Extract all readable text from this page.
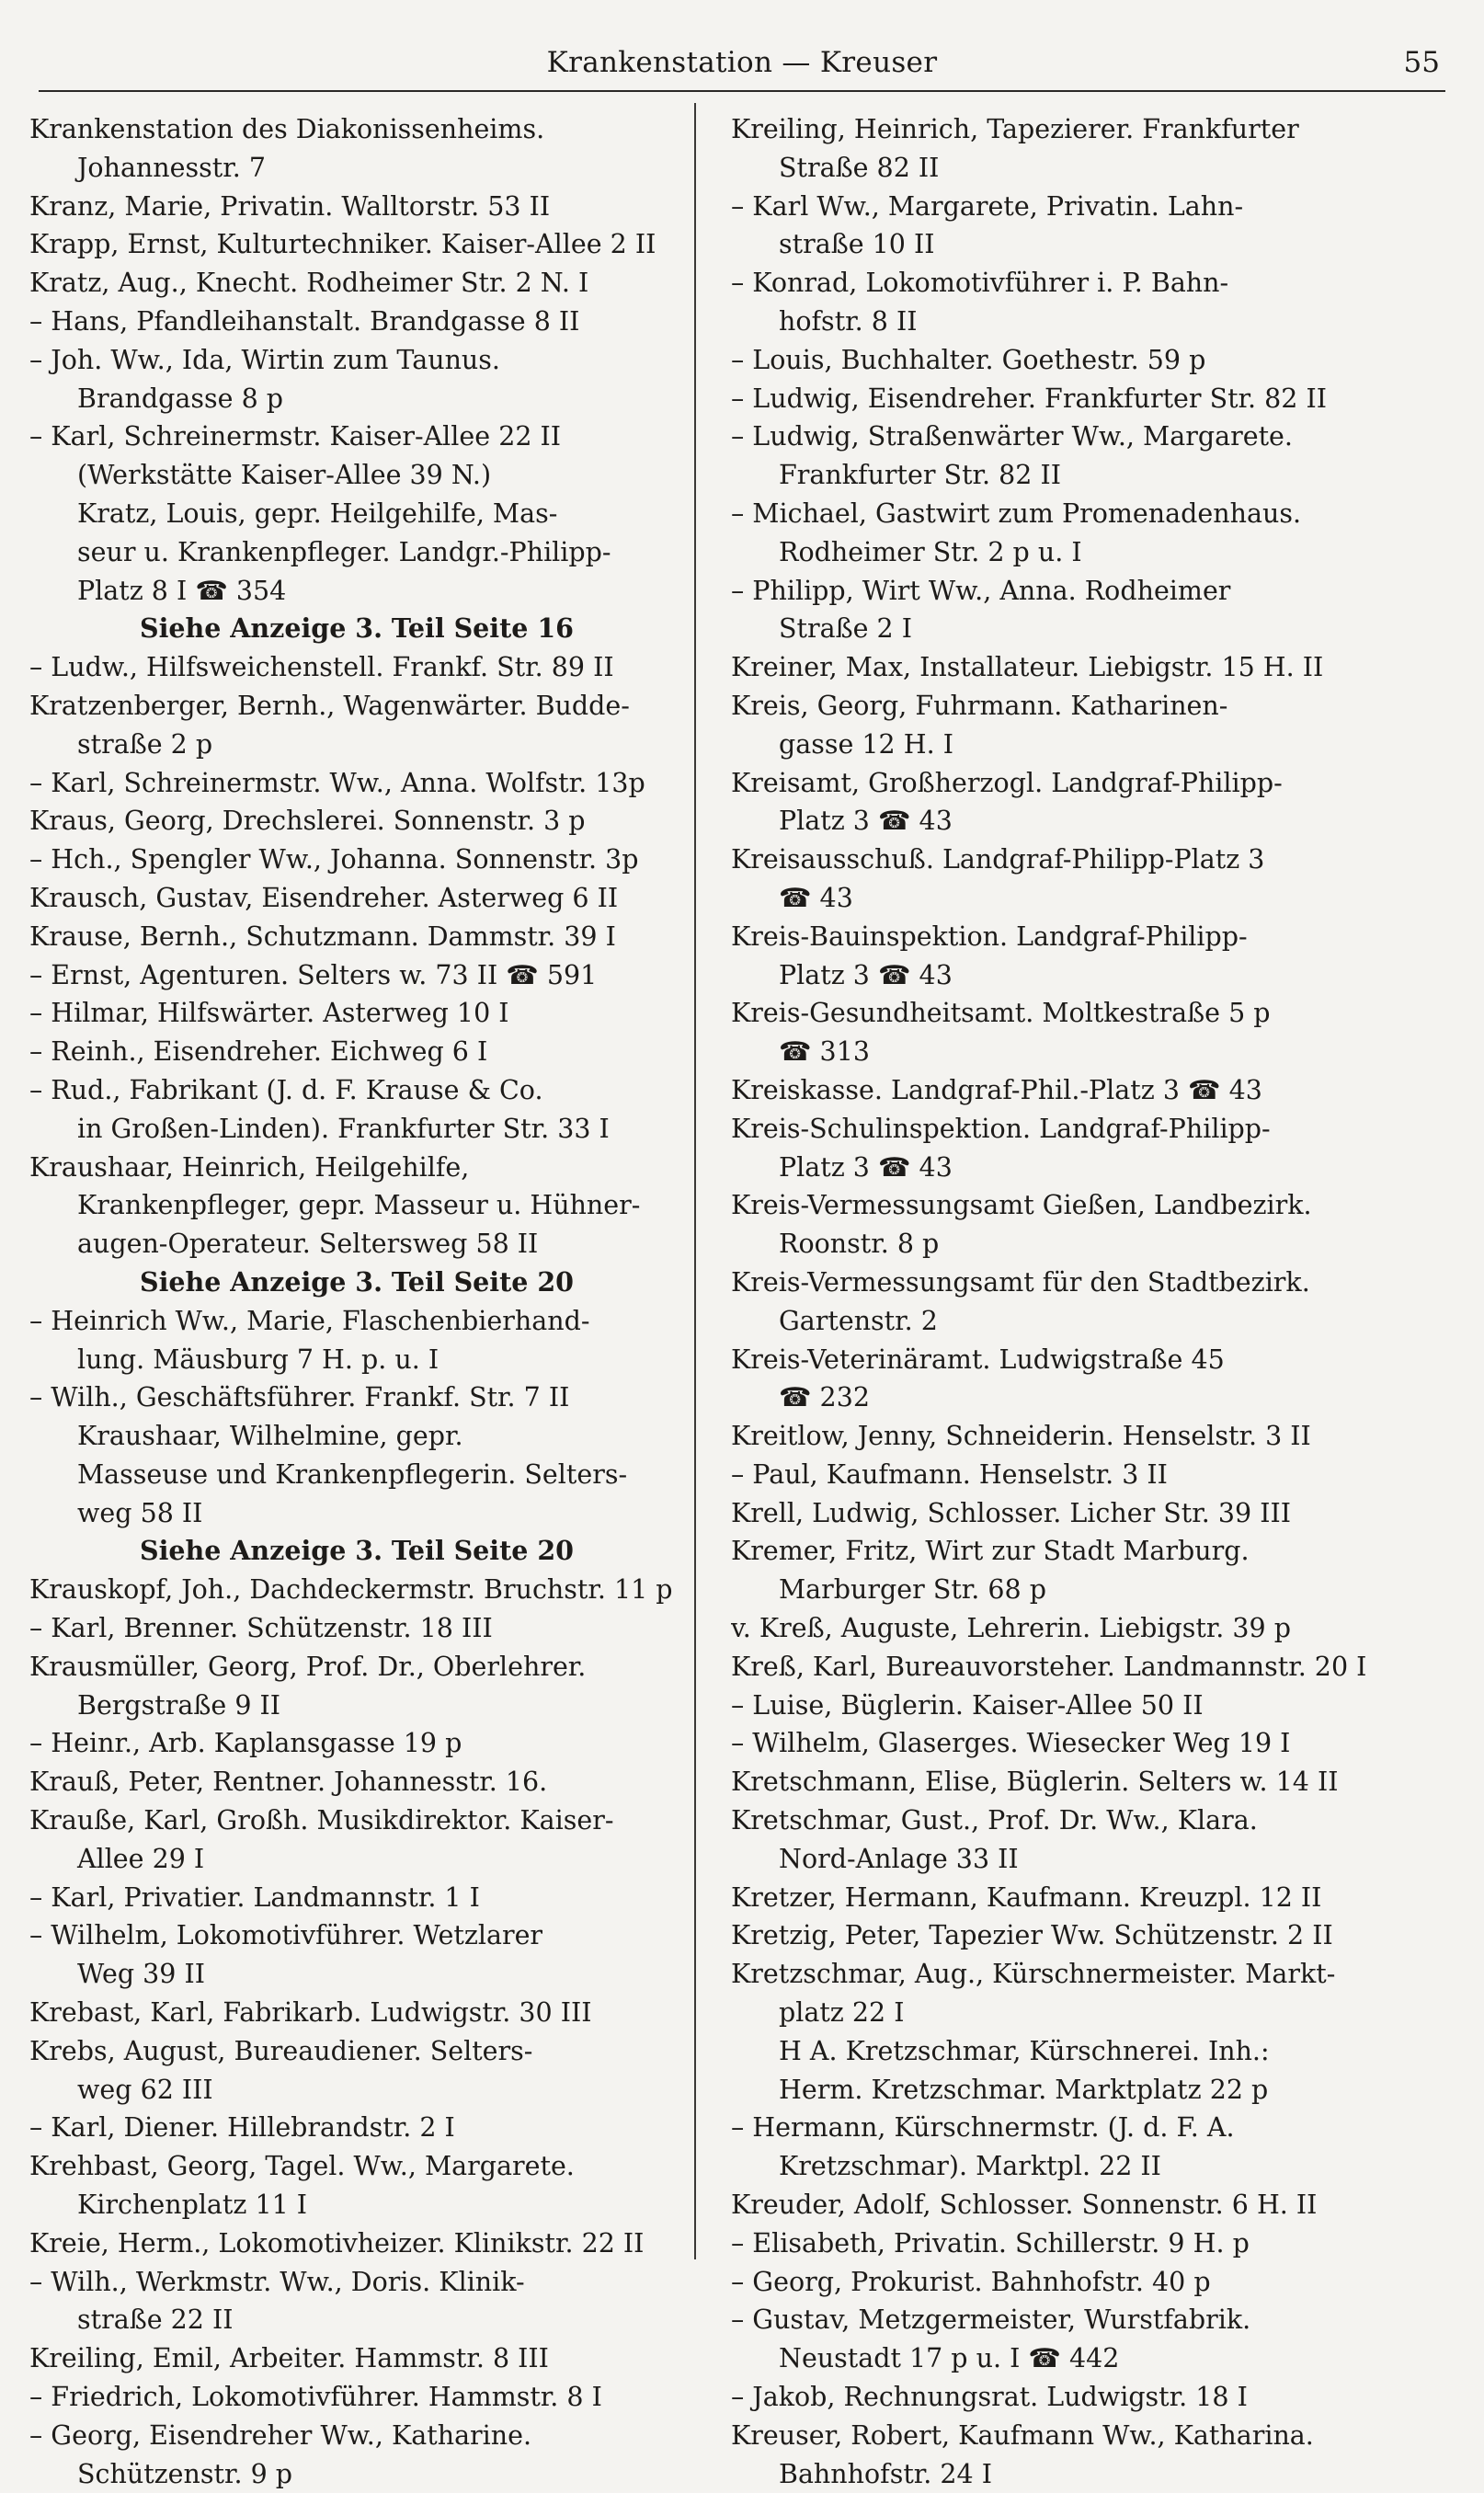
Krankenstation — Kreuser	55
Krankenstation des Diakonissenheims.
Johannesstr. 7
Kranz, Marie, Privatin. Walltorstr. 53 II
Krapp, Ernst, Kulturtechniker. Kaiser-Allee 2 II
Kratz, Aug., Knecht. Rodheimer Str. 2 N. I
– Hans, Pfandleihanstalt. Brandgasse 8 II
– Joh. Ww., Ida, Wirtin zum Taunus.
Brandgasse 8 p
– Karl, Schreinermstr. Kaiser-Allee 22 II
(Werkstätte Kaiser-Allee 39 N.)
Kratz, Louis, gepr. Heilgehilfe, Mas-
seur u. Krankenpfleger. Landgr.-Philipp-
Platz 8 I ☎ 354
Siehe Anzeige 3. Teil Seite 16
– Ludw., Hilfsweichenstell. Frankf. Str. 89 II
Kratzenberger, Bernh., Wagenwärter. Budde-
straße 2 p
– Karl, Schreinermstr. Ww., Anna. Wolfstr. 13p
Kraus, Georg, Drechslerei. Sonnenstr. 3 p
– Hch., Spengler Ww., Johanna. Sonnenstr. 3p
Krausch, Gustav, Eisendreher. Asterweg 6 II
Krause, Bernh., Schutzmann. Dammstr. 39 I
– Ernst, Agenturen. Selters w. 73 II ☎ 591
– Hilmar, Hilfswärter. Asterweg 10 I
– Reinh., Eisendreher. Eichweg 6 I
– Rud., Fabrikant (J. d. F. Krause & Co.
in Großen-Linden). Frankfurter Str. 33 I
Kraushaar, Heinrich, Heilgehilfe,
Krankenpfleger, gepr. Masseur u. Hühner-
augen-Operateur. Seltersweg 58 II
Siehe Anzeige 3. Teil Seite 20
– Heinrich Ww., Marie, Flaschenbierhand-
lung. Mäusburg 7 H. p. u. I
– Wilh., Geschäftsführer. Frankf. Str. 7 II
Kraushaar, Wilhelmine, gepr.
Masseuse und Krankenpflegerin. Selters-
weg 58 II
Siehe Anzeige 3. Teil Seite 20
Krauskopf, Joh., Dachdeckermstr. Bruchstr. 11 p
– Karl, Brenner. Schützenstr. 18 III
Krausmüller, Georg, Prof. Dr., Oberlehrer.
Bergstraße 9 II
– Heinr., Arb. Kaplansgasse 19 p
Krauß, Peter, Rentner. Johannesstr. 16.
Krauße, Karl, Großh. Musikdirektor. Kaiser-
Allee 29 I
– Karl, Privatier. Landmannstr. 1 I
– Wilhelm, Lokomotivführer. Wetzlarer
Weg 39 II
Krebast, Karl, Fabrikarb. Ludwigstr. 30 III
Krebs, August, Bureaudiener. Selters-
weg 62 III
– Karl, Diener. Hillebrandstr. 2 I
Krehbast, Georg, Tagel. Ww., Margarete.
Kirchenplatz 11 I
Kreie, Herm., Lokomotivheizer. Klinikstr. 22 II
– Wilh., Werkmstr. Ww., Doris. Klinik-
straße 22 II
Kreiling, Emil, Arbeiter. Hammstr. 8 III
– Friedrich, Lokomotivführer. Hammstr. 8 I
– Georg, Eisendreher Ww., Katharine.
Schützenstr. 9 p
Kreiling, Heinrich, Tapezierer. Frankfurter
Straße 82 II
– Karl Ww., Margarete, Privatin. Lahn-
straße 10 II
– Konrad, Lokomotivführer i. P. Bahn-
hofstr. 8 II
– Louis, Buchhalter. Goethestr. 59 p
– Ludwig, Eisendreher. Frankfurter Str. 82 II
– Ludwig, Straßenwärter Ww., Margarete.
Frankfurter Str. 82 II
– Michael, Gastwirt zum Promenadenhaus.
Rodheimer Str. 2 p u. I
– Philipp, Wirt Ww., Anna. Rodheimer
Straße 2 I
Kreiner, Max, Installateur. Liebigstr. 15 H. II
Kreis, Georg, Fuhrmann. Katharinen-
gasse 12 H. I
Kreisamt, Großherzogl. Landgraf-Philipp-
Platz 3 ☎ 43
Kreisausschuß. Landgraf-Philipp-Platz 3
☎ 43
Kreis-Bauinspektion. Landgraf-Philipp-
Platz 3 ☎ 43
Kreis-Gesundheitsamt. Moltkestraße 5 p
☎ 313
Kreiskasse. Landgraf-Phil.-Platz 3 ☎ 43
Kreis-Schulinspektion. Landgraf-Philipp-
Platz 3 ☎ 43
Kreis-Vermessungsamt Gießen, Landbezirk.
Roonstr. 8 p
Kreis-Vermessungsamt für den Stadtbezirk.
Gartenstr. 2
Kreis-Veterinäramt. Ludwigstraße 45
☎ 232
Kreitlow, Jenny, Schneiderin. Henselstr. 3 II
– Paul, Kaufmann. Henselstr. 3 II
Krell, Ludwig, Schlosser. Licher Str. 39 III
Kremer, Fritz, Wirt zur Stadt Marburg.
Marburger Str. 68 p
v. Kreß, Auguste, Lehrerin. Liebigstr. 39 p
Kreß, Karl, Bureauvorsteher. Landmannstr. 20 I
– Luise, Büglerin. Kaiser-Allee 50 II
– Wilhelm, Glaserges. Wiesecker Weg 19 I
Kretschmann, Elise, Büglerin. Selters w. 14 II
Kretschmar, Gust., Prof. Dr. Ww., Klara.
Nord-Anlage 33 II
Kretzer, Hermann, Kaufmann. Kreuzpl. 12 II
Kretzig, Peter, Tapezier Ww. Schützenstr. 2 II
Kretzschmar, Aug., Kürschnermeister. Markt-
platz 22 I
H A. Kretzschmar, Kürschnerei. Inh.:
Herm. Kretzschmar. Marktplatz 22 p
– Hermann, Kürschnermstr. (J. d. F. A.
Kretzschmar). Marktpl. 22 II
Kreuder, Adolf, Schlosser. Sonnenstr. 6 H. II
– Elisabeth, Privatin. Schillerstr. 9 H. p
– Georg, Prokurist. Bahnhofstr. 40 p
– Gustav, Metzgermeister, Wurstfabrik.
Neustadt 17 p u. I ☎ 442
– Jakob, Rechnungsrat. Ludwigstr. 18 I
Kreuser, Robert, Kaufmann Ww., Katharina.
Bahnhofstr. 24 I
